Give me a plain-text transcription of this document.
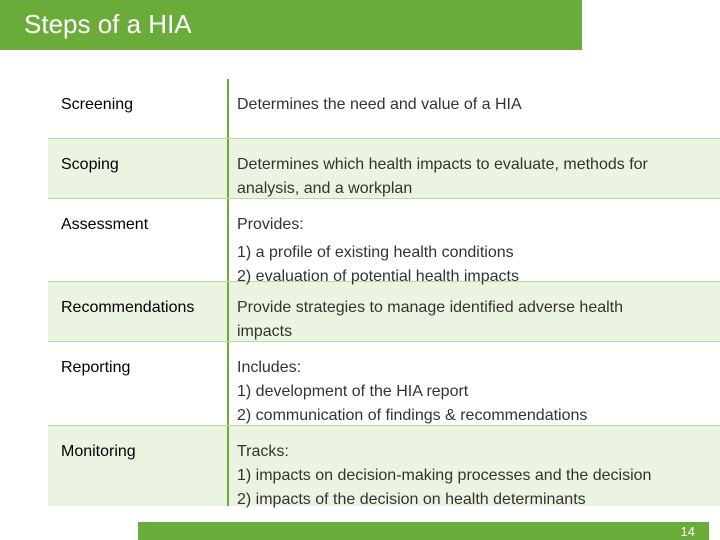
Steps of a HIA
Screening	Determines the need and value of a HIA
Scoping	Determines which health impacts to evaluate, methods for
analysis, and a workplan
Assessment	Provides:
1) a profile of existing health conditions
2) evaluation of potential health impacts
Recommendations	Provide strategies to manage identified adverse health
impacts
Reporting	Includes:
1) development of the HIA report
2) communication of findings & recommendations
Monitoring	Tracks:
1) impacts on decision-making processes and the decision
2) impacts of the decision on health determinants
14
